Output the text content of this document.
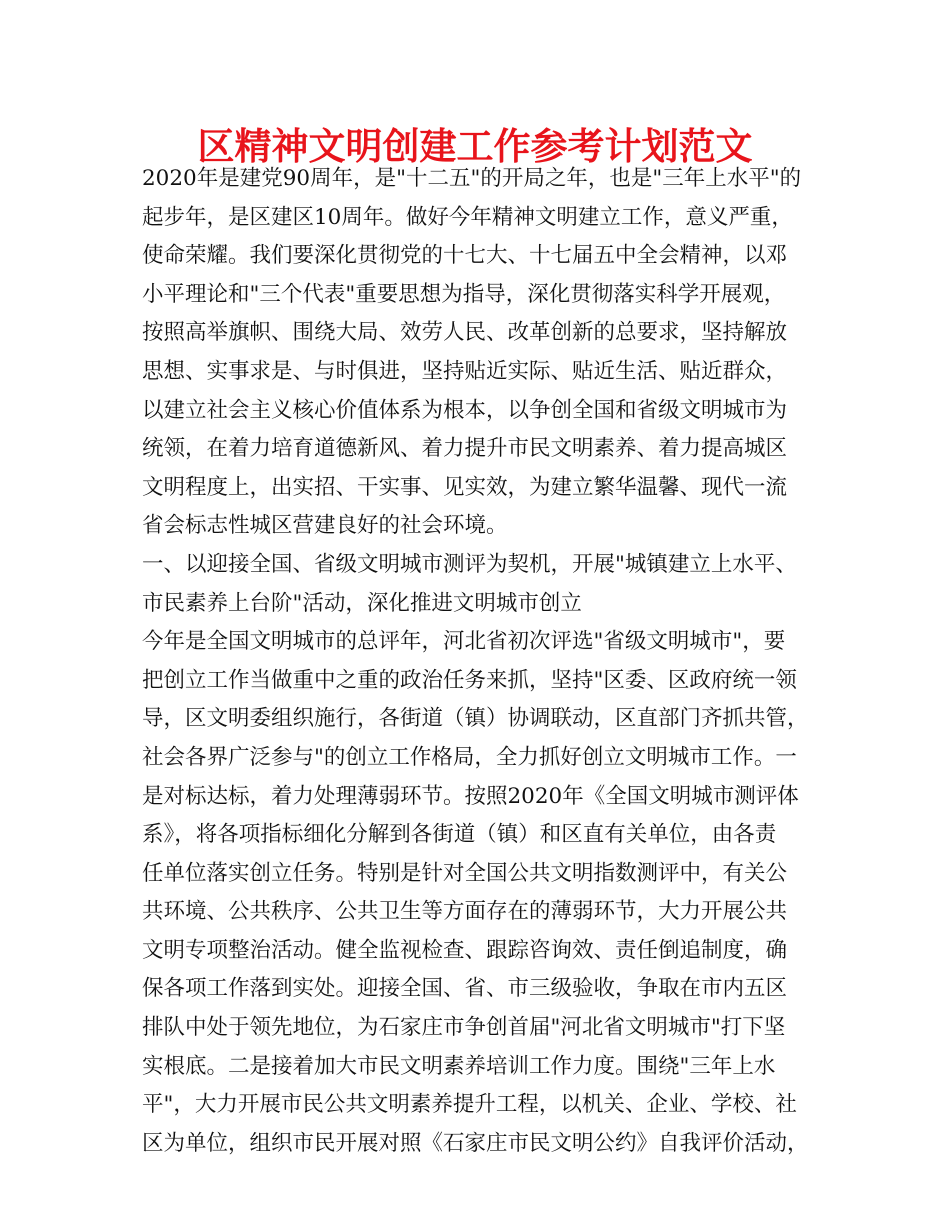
区精神文明创建工作参考计划范文
2020年是建党90周年，是"十二五"的开局之年，也是"三年上水平"的
起步年，是区建区10周年。做好今年精神文明建立工作，意义严重，
使命荣耀。我们要深化贯彻党的十七大、十七届五中全会精神，以邓
小平理论和"三个代表"重要思想为指导，深化贯彻落实科学开展观，
按照高举旗帜、围绕大局、效劳人民、改革创新的总要求，坚持解放
思想、实事求是、与时俱进，坚持贴近实际、贴近生活、贴近群众，
以建立社会主义核心价值体系为根本，以争创全国和省级文明城市为
统领，在着力培育道德新风、着力提升市民文明素养、着力提高城区
文明程度上，出实招、干实事、见实效，为建立繁华温馨、现代一流
省会标志性城区营建良好的社会环境。
一、以迎接全国、省级文明城市测评为契机，开展"城镇建立上水平、
市民素养上台阶"活动，深化推进文明城市创立
今年是全国文明城市的总评年，河北省初次评选"省级文明城市"，要
把创立工作当做重中之重的政治任务来抓，坚持"区委、区政府统一领
导，区文明委组织施行，各街道（镇）协调联动，区直部门齐抓共管，
社会各界广泛参与"的创立工作格局，全力抓好创立文明城市工作。一
是对标达标，着力处理薄弱环节。按照2020年《全国文明城市测评体
系》，将各项指标细化分解到各街道（镇）和区直有关单位，由各责
任单位落实创立任务。特别是针对全国公共文明指数测评中，有关公
共环境、公共秩序、公共卫生等方面存在的薄弱环节，大力开展公共
文明专项整治活动。健全监视检查、跟踪咨询效、责任倒追制度，确
保各项工作落到实处。迎接全国、省、市三级验收，争取在市内五区
排队中处于领先地位，为石家庄市争创首届"河北省文明城市"打下坚
实根底。二是接着加大市民文明素养培训工作力度。围绕"三年上水
平"，大力开展市民公共文明素养提升工程，以机关、企业、学校、社
区为单位，组织市民开展对照《石家庄市民文明公约》自我评价活动，
